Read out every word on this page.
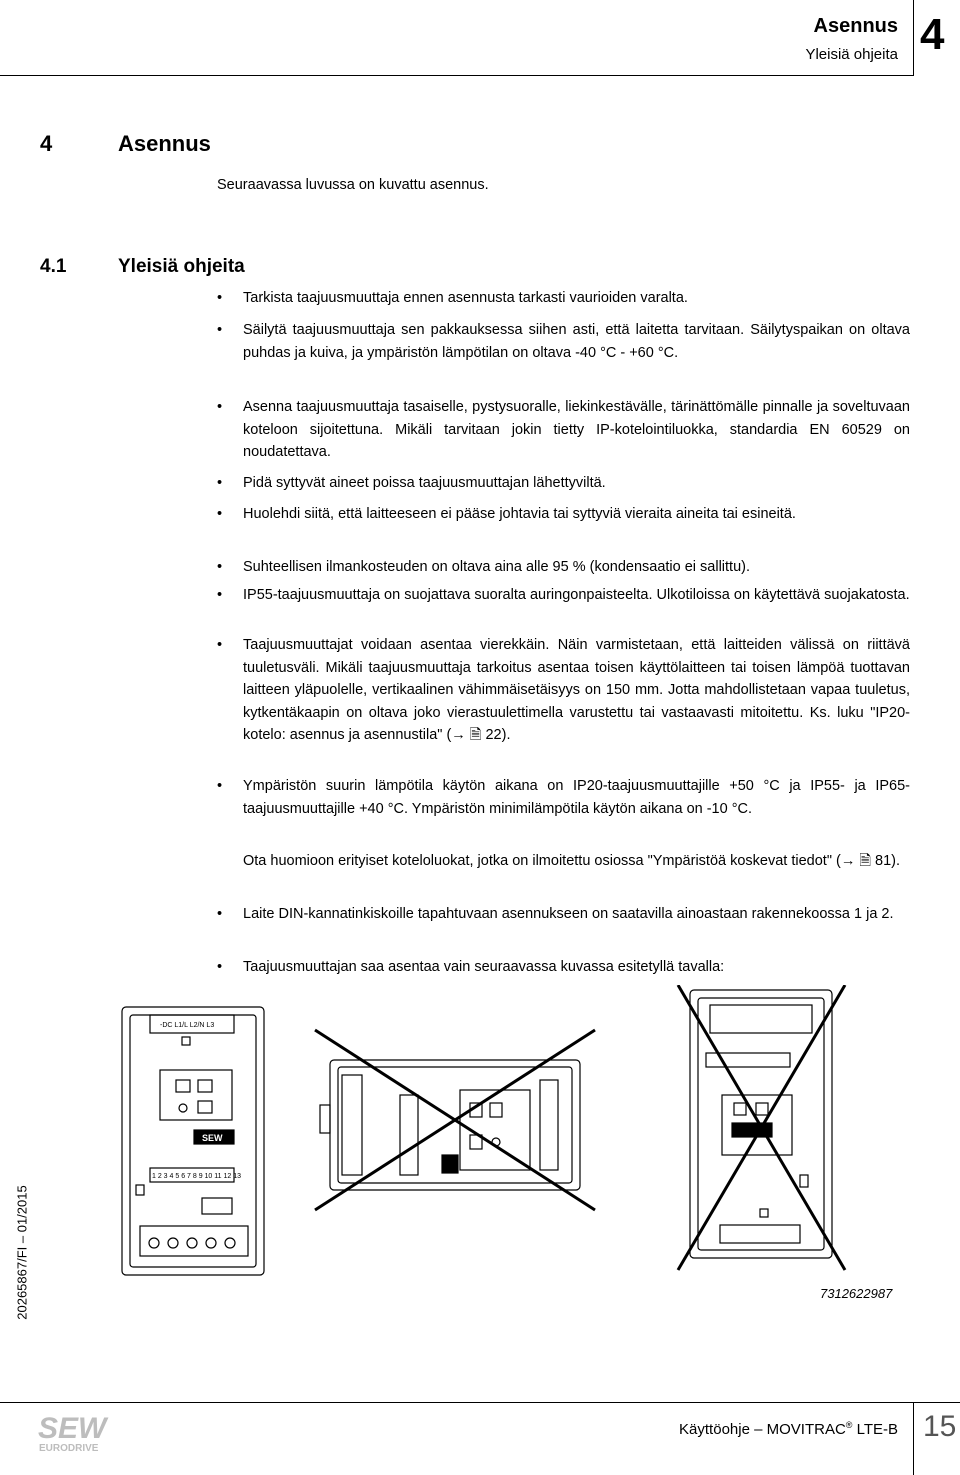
Asennus
Yleisiä ohjeita 4
4	Asennus
Seuraavassa luvussa on kuvattu asennus.
4.1	Yleisiä ohjeita
• Tarkista taajuusmuuttaja ennen asennusta tarkasti vaurioiden varalta.
• Säilytä taajuusmuuttaja sen pakkauksessa siihen asti, että laitetta tarvitaan. Säilytyspaikan on oltava puhdas ja kuiva, ja ympäristön lämpötilan on oltava -40 °C - +60 °C.
• Asenna taajuusmuuttaja tasaiselle, pystysuoralle, liekinkestävälle, tärinättömälle pinnalle ja soveltuvaan koteloon sijoitettuna. Mikäli tarvitaan jokin tietty IP-kotelointiluokka, standardia EN 60529 on noudatettava.
• Pidä syttyvät aineet poissa taajuusmuuttajan lähettyviltä.
• Huolehdi siitä, että laitteeseen ei pääse johtavia tai syttyviä vieraita aineita tai esineitä.
• Suhteellisen ilmankosteuden on oltava aina alle 95 % (kondensaatio ei sallittu).
• IP55-taajuusmuuttaja on suojattava suoralta auringonpaisteelta. Ulkotiloissa on käytettävä suojakatosta.
• Taajuusmuuttajat voidaan asentaa vierekkäin. Näin varmistetaan, että laitteiden välissä on riittävä tuuletusväli. Mikäli taajuusmuuttaja tarkoitus asentaa toisen käyttölaitteen tai toisen lämpöä tuottavan laitteen yläpuolelle, vertikaalinen vähimmäisetäisyys on 150 mm. Jotta mahdollistetaan vapaa tuuletus, kytkentäkaapin on oltava joko vierastuulettimella varustettu tai vastaavasti mitoitettu. Ks. luku "IP20-kotelo: asennus ja asennustila" (→ 🗎 22).
• Ympäristön suurin lämpötila käytön aikana on IP20-taajuusmuuttajille +50 °C ja IP55- ja IP65-taajuusmuuttajille +40 °C. Ympäristön minimilämpötila käytön aikana on -10 °C.
Ota huomioon erityiset koteloluokat, jotka on ilmoitettu osiossa "Ympäristöä koskevat tiedot" (→ 🗎 81).
• Laite DIN-kannatinkiskoille tapahtuvaan asennukseen on saatavilla ainoastaan rakennekoossa 1 ja 2.
• Taajuusmuuttajan saa asentaa vain seuraavassa kuvassa esitetyllä tavalla:
-DC L1/L L2/N L3
1 2 3 4 5 6 7 8 9 10 11 12 13
SEW
7312622987
20265867/FI – 01/2015
SEW
EURODRIVE
Käyttöohje – MOVITRAC® LTE-B 15
